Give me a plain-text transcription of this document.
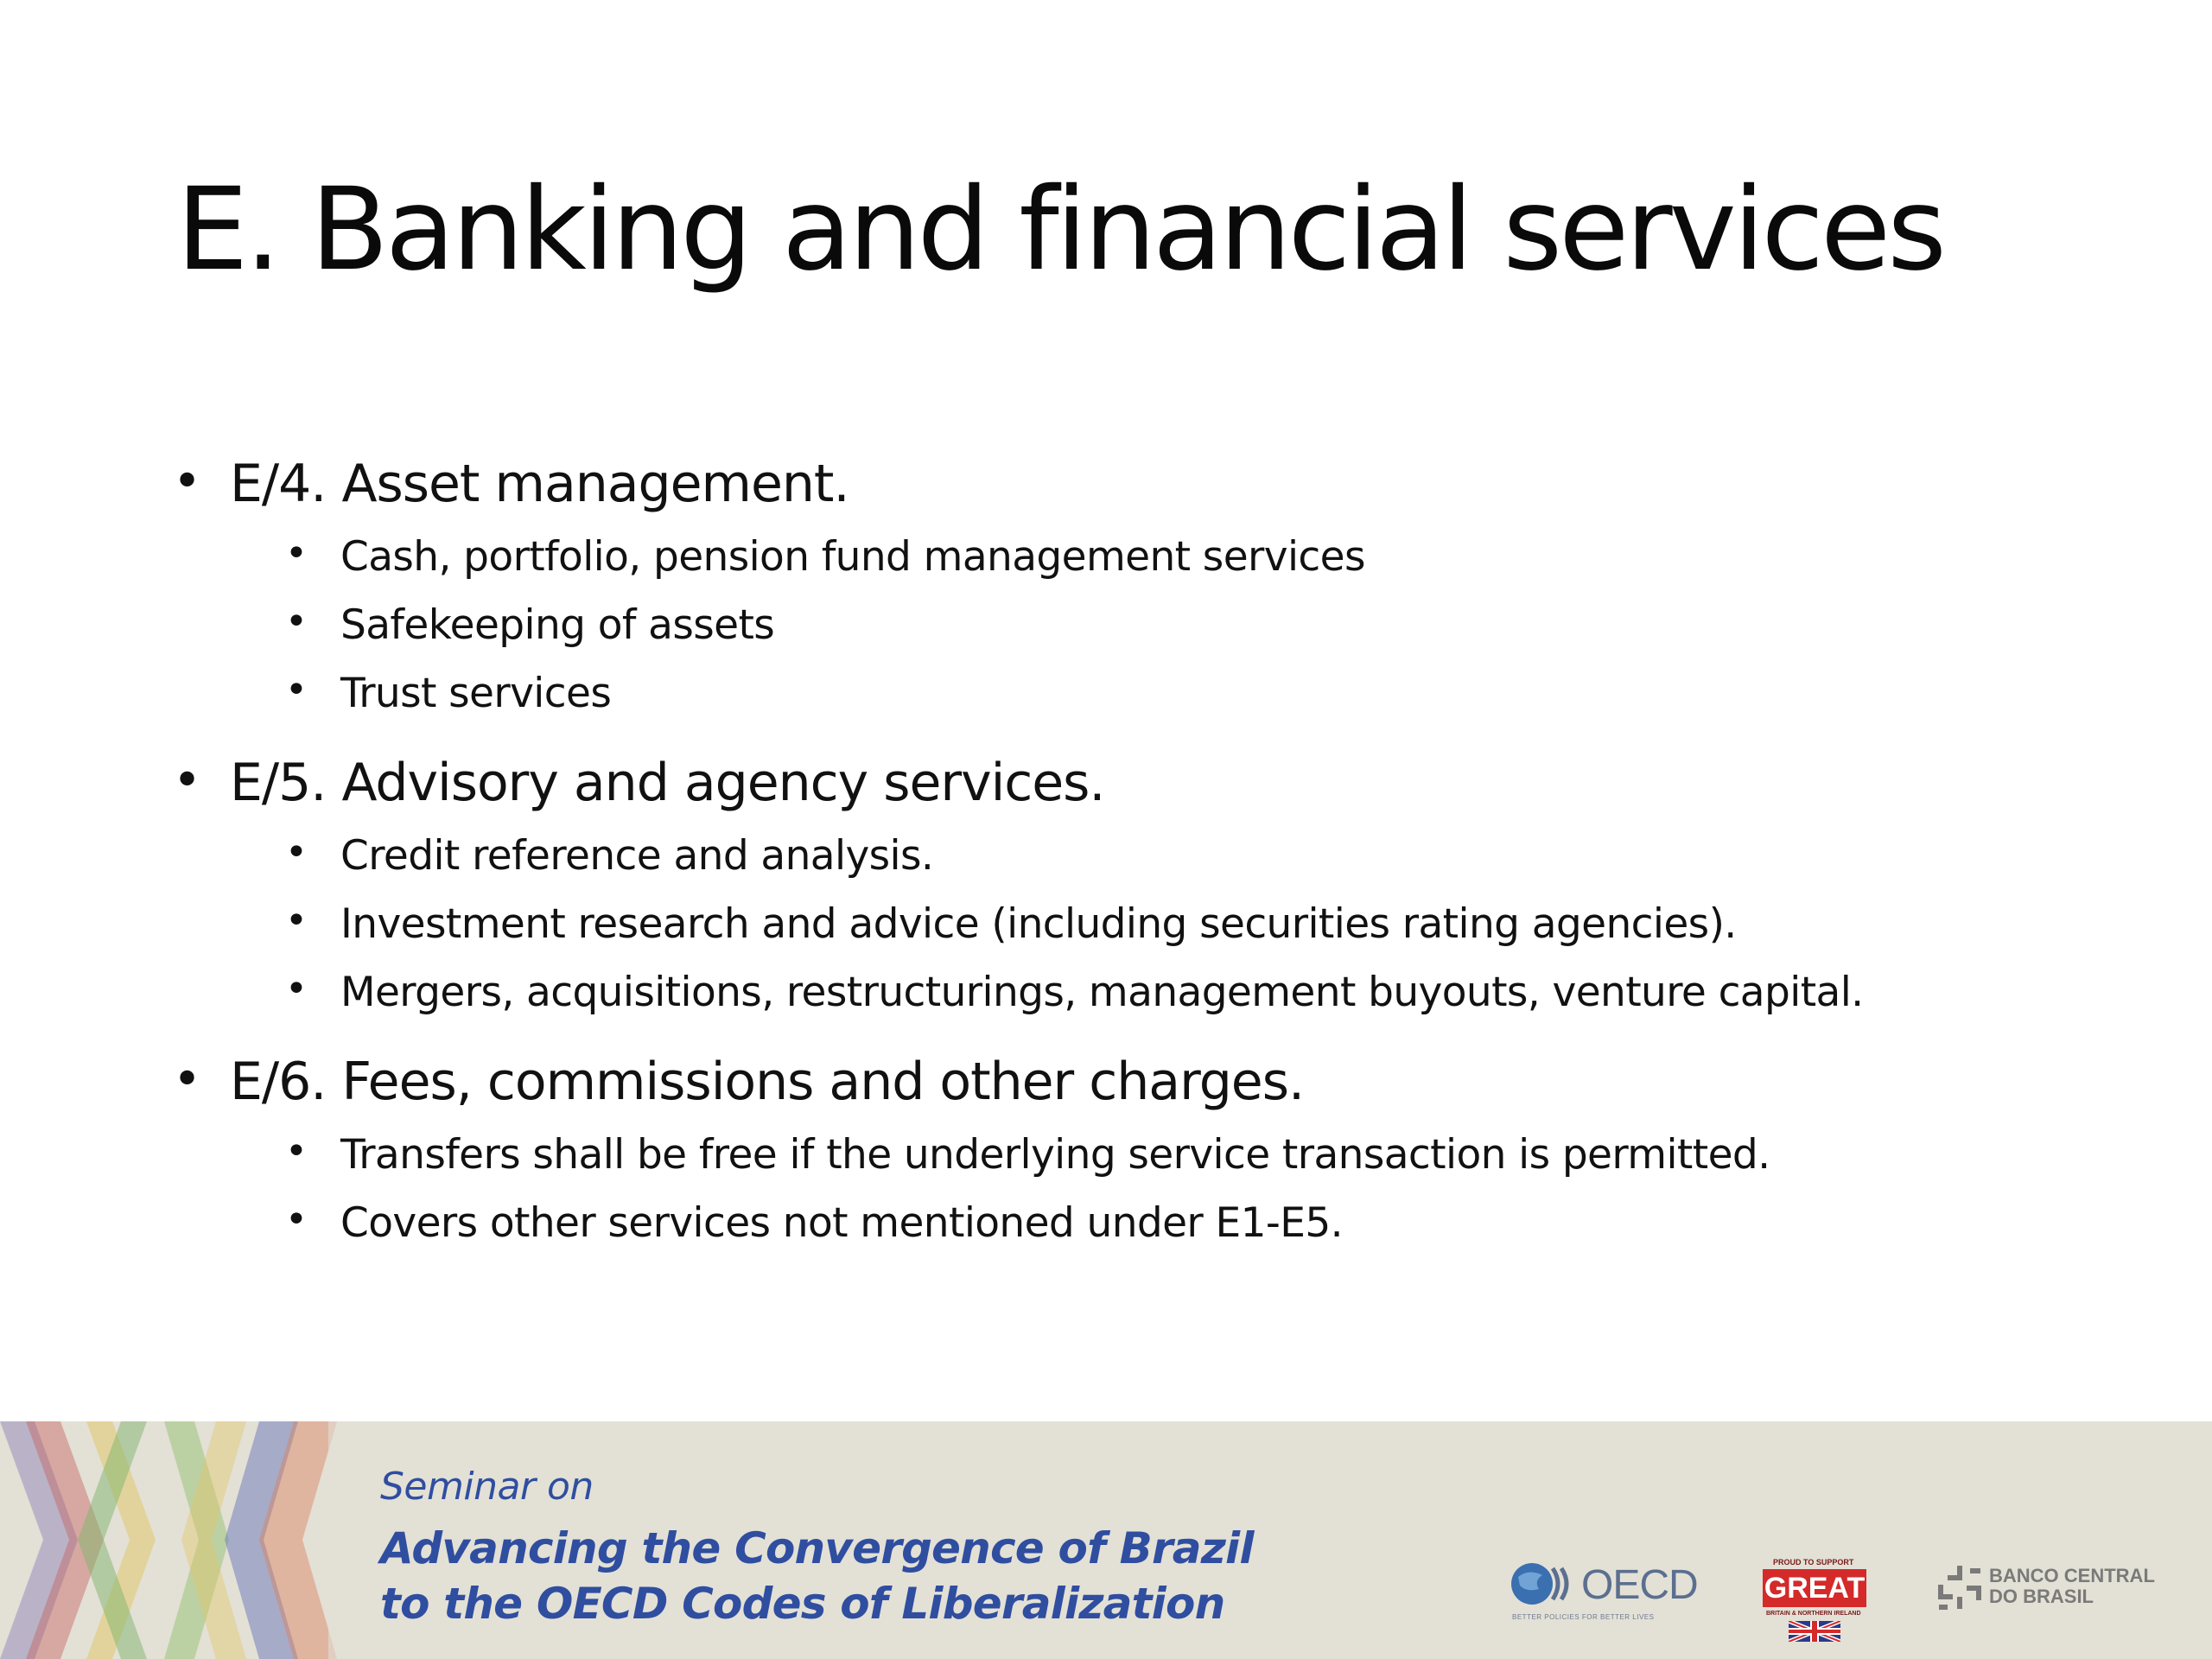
E. Banking and financial services
• E/4. Asset management.
• Cash, portfolio, pension fund management services
• Safekeeping of assets
• Trust services
• E/5. Advisory and agency services.
• Credit reference and analysis.
• Investment research and advice (including securities rating agencies).
• Mergers, acquisitions, restructurings, management buyouts, venture capital.
• E/6. Fees, commissions and other charges.
• Transfers shall be free if the underlying service transaction is permitted.
• Covers other services not mentioned under E1-E5.
Seminar on
Advancing the Convergence of Brazil
to the OECD Codes of Liberalization	OECD
BETTER POLICIES FOR BETTER LIVES
PROUD TO SUPPORT
GREAT
BRITAIN & NORTHERN IRELAND
BANCO CENTRAL
DO BRASIL
